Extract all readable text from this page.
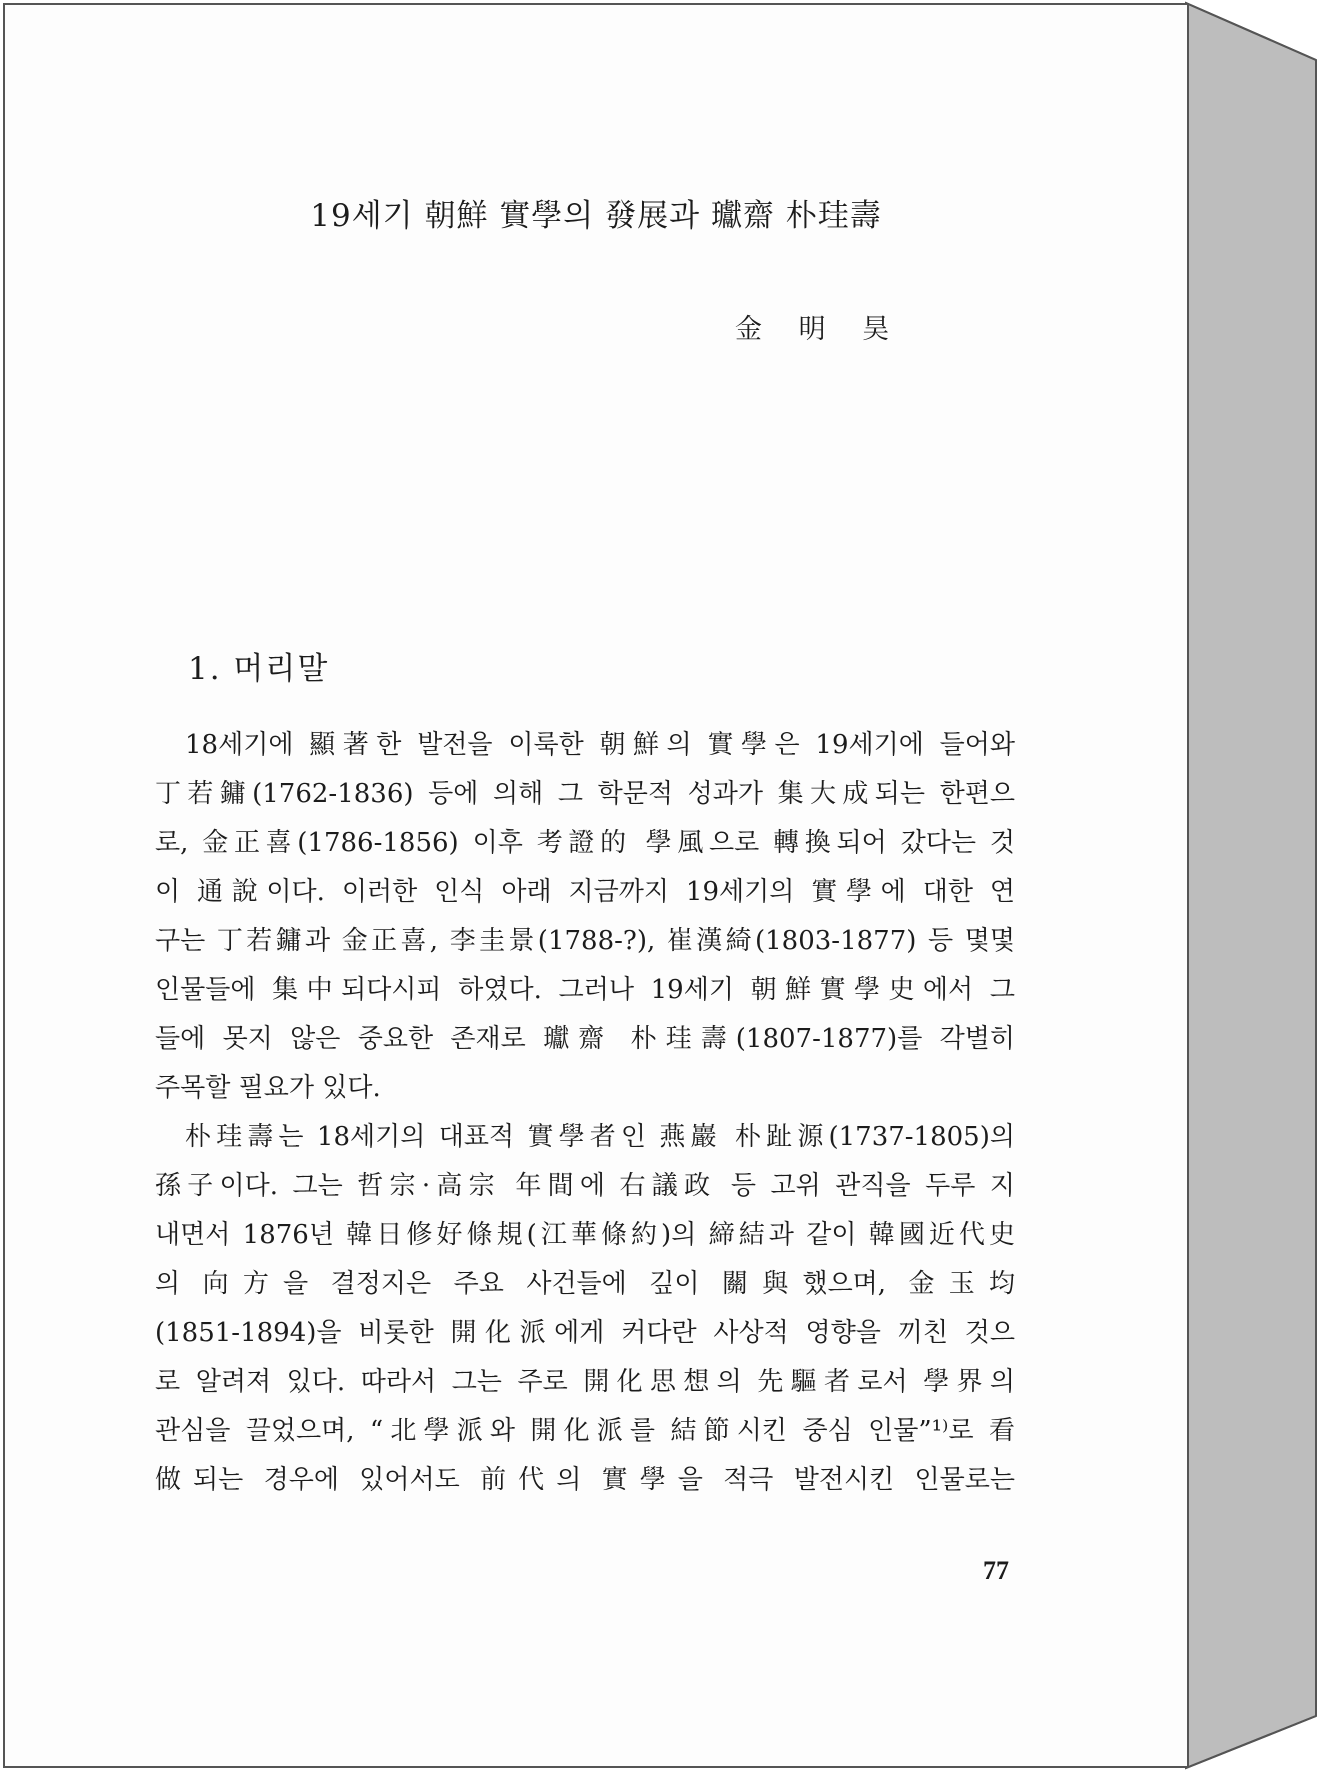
19세기 朝鮮 實學의 發展과 瓛齋 朴珪壽

金 明 昊

1. 머리말
18세기에 顯著한 발전을 이룩한 朝鮮의 實學은 19세기에 들어와
丁若鏞(1762-1836) 등에 의해 그 학문적 성과가 集大成되는 한편으
로, 金正喜(1786-1856) 이후 考證的 學風으로 轉換되어 갔다는 것
이 通說이다. 이러한 인식 아래 지금까지 19세기의 實學에 대한 연
구는 丁若鏞과 金正喜, 李圭景(1788-?), 崔漢綺(1803-1877) 등 몇몇
인물들에 集中되다시피 하였다. 그러나 19세기 朝鮮實學史에서 그
들에 못지 않은 중요한 존재로 瓛齋 朴珪壽(1807-1877)를 각별히
주목할 필요가 있다.
朴珪壽는 18세기의 대표적 實學者인 燕巖 朴趾源(1737-1805)의
孫子이다. 그는 哲宗·高宗 年間에 右議政 등 고위 관직을 두루 지
내면서 1876년 韓日修好條規(江華條約)의 締結과 같이 韓國近代史
의 向方을 결정지은 주요 사건들에 깊이 關與했으며, 金玉均
(1851-1894)을 비롯한 開化派에게 커다란 사상적 영향을 끼친 것으
로 알려져 있다. 따라서 그는 주로 開化思想의 先驅者로서 學界의
관심을 끌었으며, “北學派와 開化派를 結節시킨 중심 인물”¹⁾로 看
做되는 경우에 있어서도 前代의 實學을 적극 발전시킨 인물로는

77
